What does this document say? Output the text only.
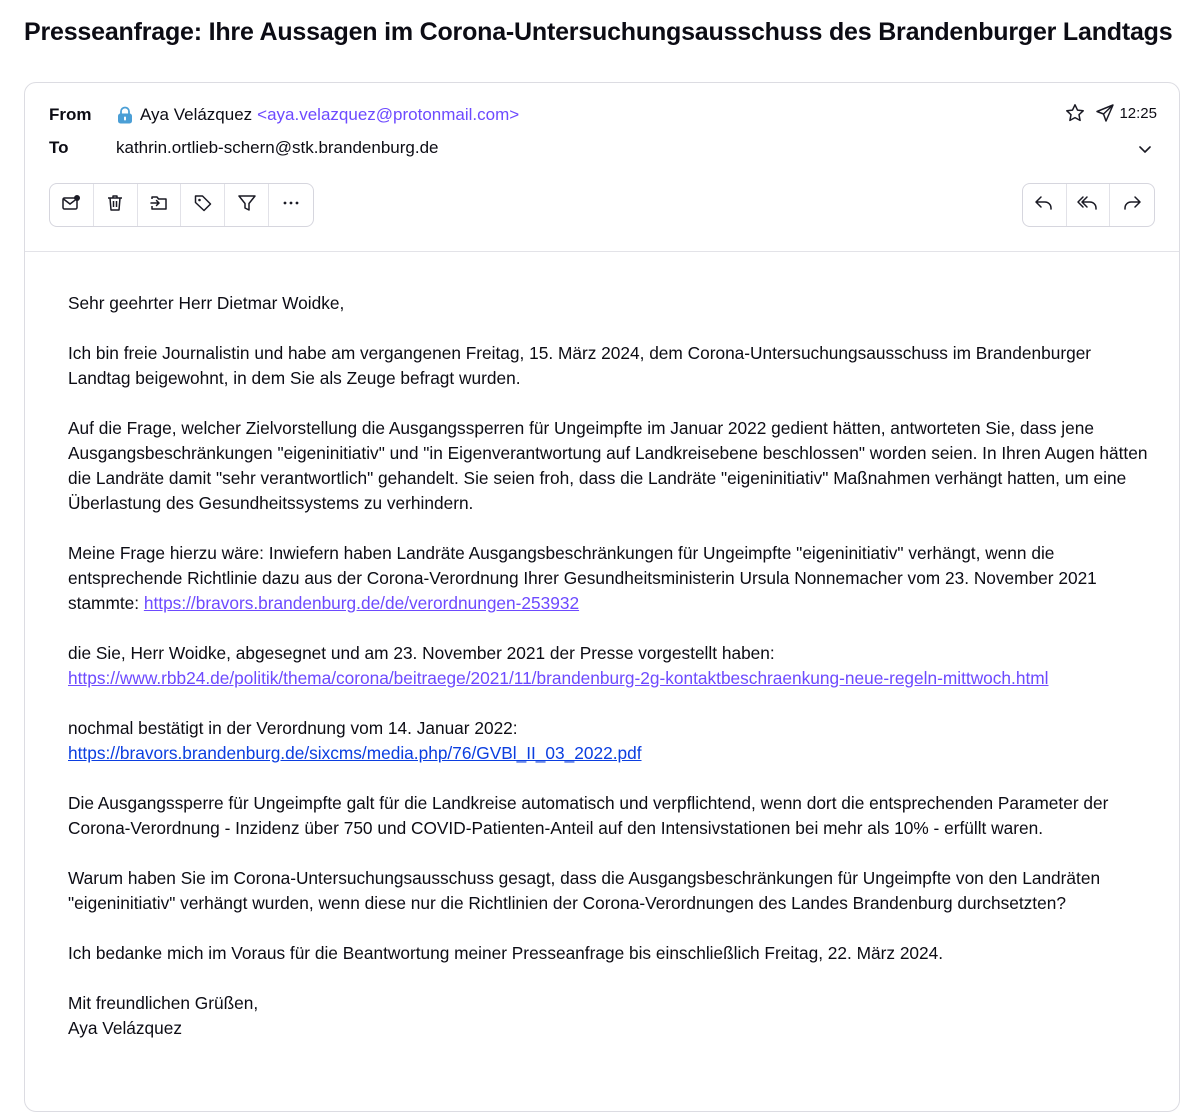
Presseanfrage: Ihre Aussagen im Corona-Untersuchungsausschuss des Brandenburger Landtags
From	Aya Velázquez <aya.velazquez@protonmail.com>
To	kathrin.ortlieb-schern@stk.brandenburg.de
12:25

Sehr geehrter Herr Dietmar Woidke,

Ich bin freie Journalistin und habe am vergangenen Freitag, 15. März 2024, dem Corona-Untersuchungsausschuss im Brandenburger Landtag beigewohnt, in dem Sie als Zeuge befragt wurden.

Auf die Frage, welcher Zielvorstellung die Ausgangssperren für Ungeimpfte im Januar 2022 gedient hätten, antworteten Sie, dass jene Ausgangsbeschränkungen "eigeninitiativ" und "in Eigenverantwortung auf Landkreisebene beschlossen" worden seien. In Ihren Augen hätten die Landräte damit "sehr verantwortlich" gehandelt. Sie seien froh, dass die Landräte "eigeninitiativ" Maßnahmen verhängt hatten, um eine Überlastung des Gesundheitssystems zu verhindern.

Meine Frage hierzu wäre: Inwiefern haben Landräte Ausgangsbeschränkungen für Ungeimpfte "eigeninitiativ" verhängt, wenn die entsprechende Richtlinie dazu aus der Corona-Verordnung Ihrer Gesundheitsministerin Ursula Nonnemacher vom 23. November 2021 stammte: https://bravors.brandenburg.de/de/verordnungen-253932

die Sie, Herr Woidke, abgesegnet und am 23. November 2021 der Presse vorgestellt haben: https://www.rbb24.de/politik/thema/corona/beitraege/2021/11/brandenburg-2g-kontaktbeschraenkung-neue-regeln-mittwoch.html

nochmal bestätigt in der Verordnung vom 14. Januar 2022:
https://bravors.brandenburg.de/sixcms/media.php/76/GVBl_II_03_2022.pdf

Die Ausgangssperre für Ungeimpfte galt für die Landkreise automatisch und verpflichtend, wenn dort die entsprechenden Parameter der Corona-Verordnung - Inzidenz über 750 und COVID-Patienten-Anteil auf den Intensivstationen bei mehr als 10% - erfüllt waren.

Warum haben Sie im Corona-Untersuchungsausschuss gesagt, dass die Ausgangsbeschränkungen für Ungeimpfte von den Landräten "eigeninitiativ" verhängt wurden, wenn diese nur die Richtlinien der Corona-Verordnungen des Landes Brandenburg durchsetzten?

Ich bedanke mich im Voraus für die Beantwortung meiner Presseanfrage bis einschließlich Freitag, 22. März 2024.

Mit freundlichen Grüßen,
Aya Velázquez
